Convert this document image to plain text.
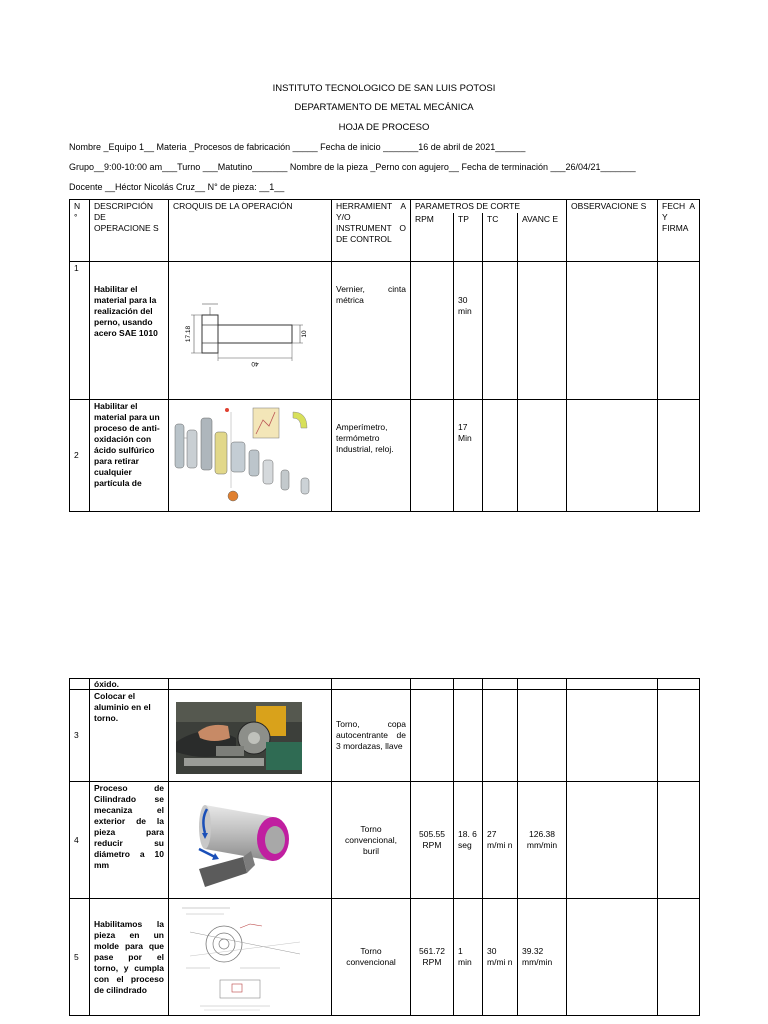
INSTITUTO TECNOLOGICO DE SAN LUIS POTOSI
DEPARTAMENTO DE METAL MECÁNICA
HOJA DE PROCESO
Nombre _Equipo 1__ Materia _Procesos de fabricación _____ Fecha de inicio _______16 de abril de 2021______
Grupo__9:00-10:00 am___Turno ___Matutino_______ Nombre de la pieza _Perno con agujero__ Fecha de terminación ___26/04/21_______
Docente __Héctor Nicolás Cruz__ N° de pieza: __1__
N °	DESCRIPCIÓN DE OPERACIONE S	CROQUIS DE LA OPERACIÓN	HERRAMIENT A Y/O INSTRUMENT O DE CONTROL	PARAMETROS DE CORTE				OBSERVACIONE S	FECH A Y FIRMA
				RPM	TP	TC	AVANC E		
1	Habilitar el material para la realización del perno, usando acero SAE 1010		Vernier, cinta métrica		30 min				
2	Habilitar el material para un proceso de anti-oxidación con ácido sulfúrico para retirar cualquier partícula de		Amperímetro, termómetro Industrial, reloj.		17 Min				
17.18	10
40
	óxido.								
3	Colocar el aluminio en el torno.		Torno, copa autocentrante de 3 mordazas, llave						
4	Proceso de Cilindrado se mecaniza el exterior de la pieza para reducir su diámetro a 10 mm		Torno convencional, buril	505.55 RPM	18. 6 seg	27 m/mi n	126.38 mm/min		
5	Habilitamos la pieza en un molde para que pase por el torno, y cumpla con el proceso de cilindrado		Torno convencional	561.72 RPM	1 min	30 m/mi n	39.32 mm/min		
